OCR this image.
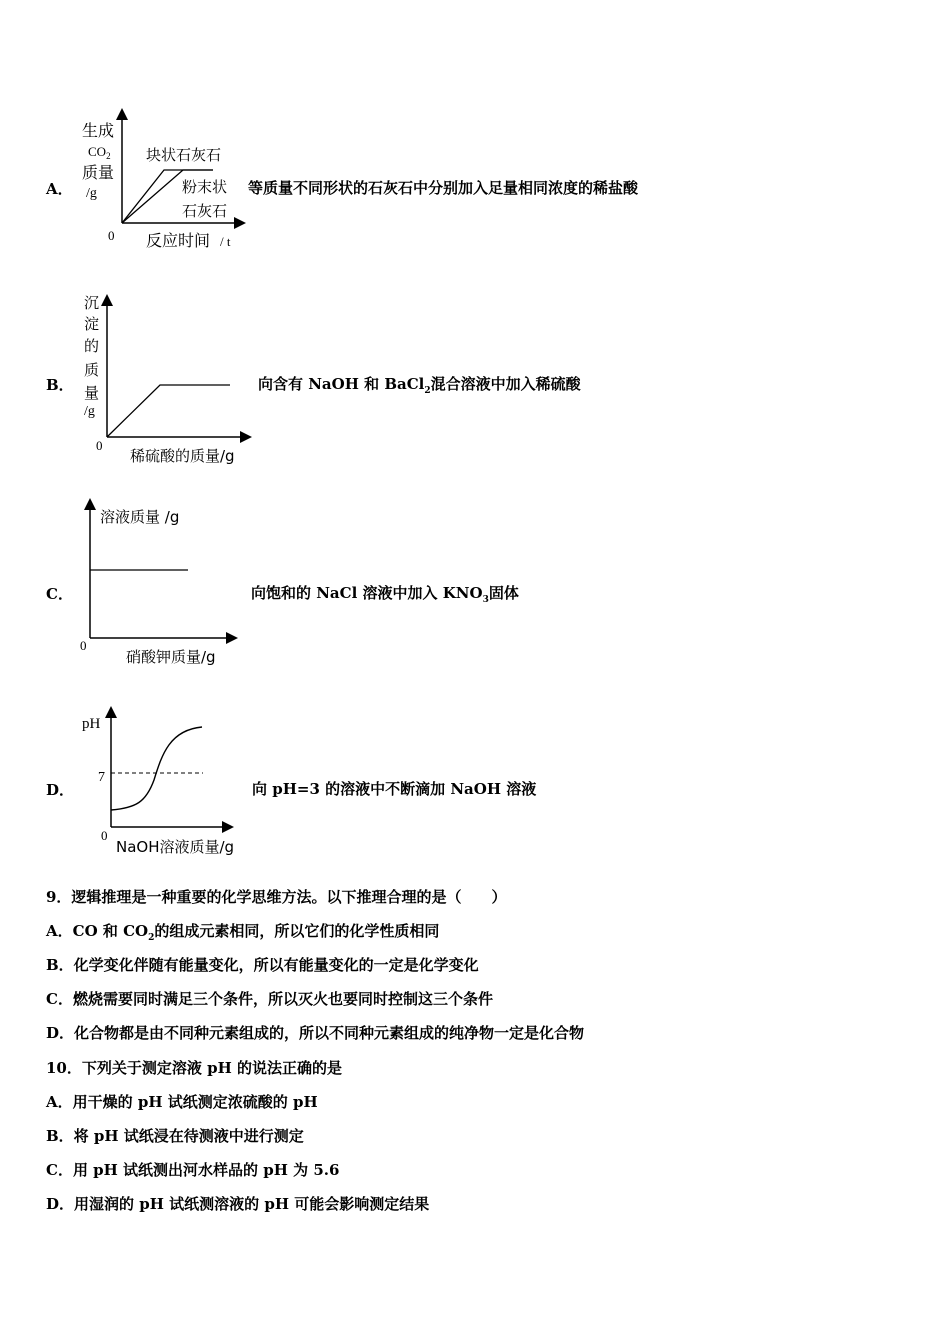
A．
生成
$CO_2$
质量
/g
0 反应时间 / t
块状石灰石
粉末状
石灰石
等质量不同形状的石灰石中分别加入足量相同浓度的稀盐酸
B．
沉
淀
的
质
量
/g
0
稀硫酸的质量/g
向含有 NaOH 和 BaCl$_2$混合溶液中加入稀硫酸
C．
溶液质量 /g
0
硝酸钾质量/g
向饱和的 NaCl 溶液中加入 $KNO_3$固体
D．
pH
7
0
NaOH溶液质量/g
向 pH=3 的溶液中不断滴加 NaOH 溶液
9．逻辑推理是一种重要的化学思维方法。以下推理合理的是（　　）
A．CO 和 $CO_2$的组成元素相同，所以它们的化学性质相同
B．化学变化伴随有能量变化，所以有能量变化的一定是化学变化
C．燃烧需要同时满足三个条件，所以灭火也要同时控制这三个条件
D．化合物都是由不同种元素组成的，所以不同种元素组成的纯净物一定是化合物
10．下列关于测定溶液 pH 的说法正确的是
A．用干燥的 pH 试纸测定浓硫酸的 pH
B．将 pH 试纸浸在待测液中进行测定
C．用 pH 试纸测出河水样品的 pH 为 5.6
D．用湿润的 pH 试纸测溶液的 pH 可能会影响测定结果
